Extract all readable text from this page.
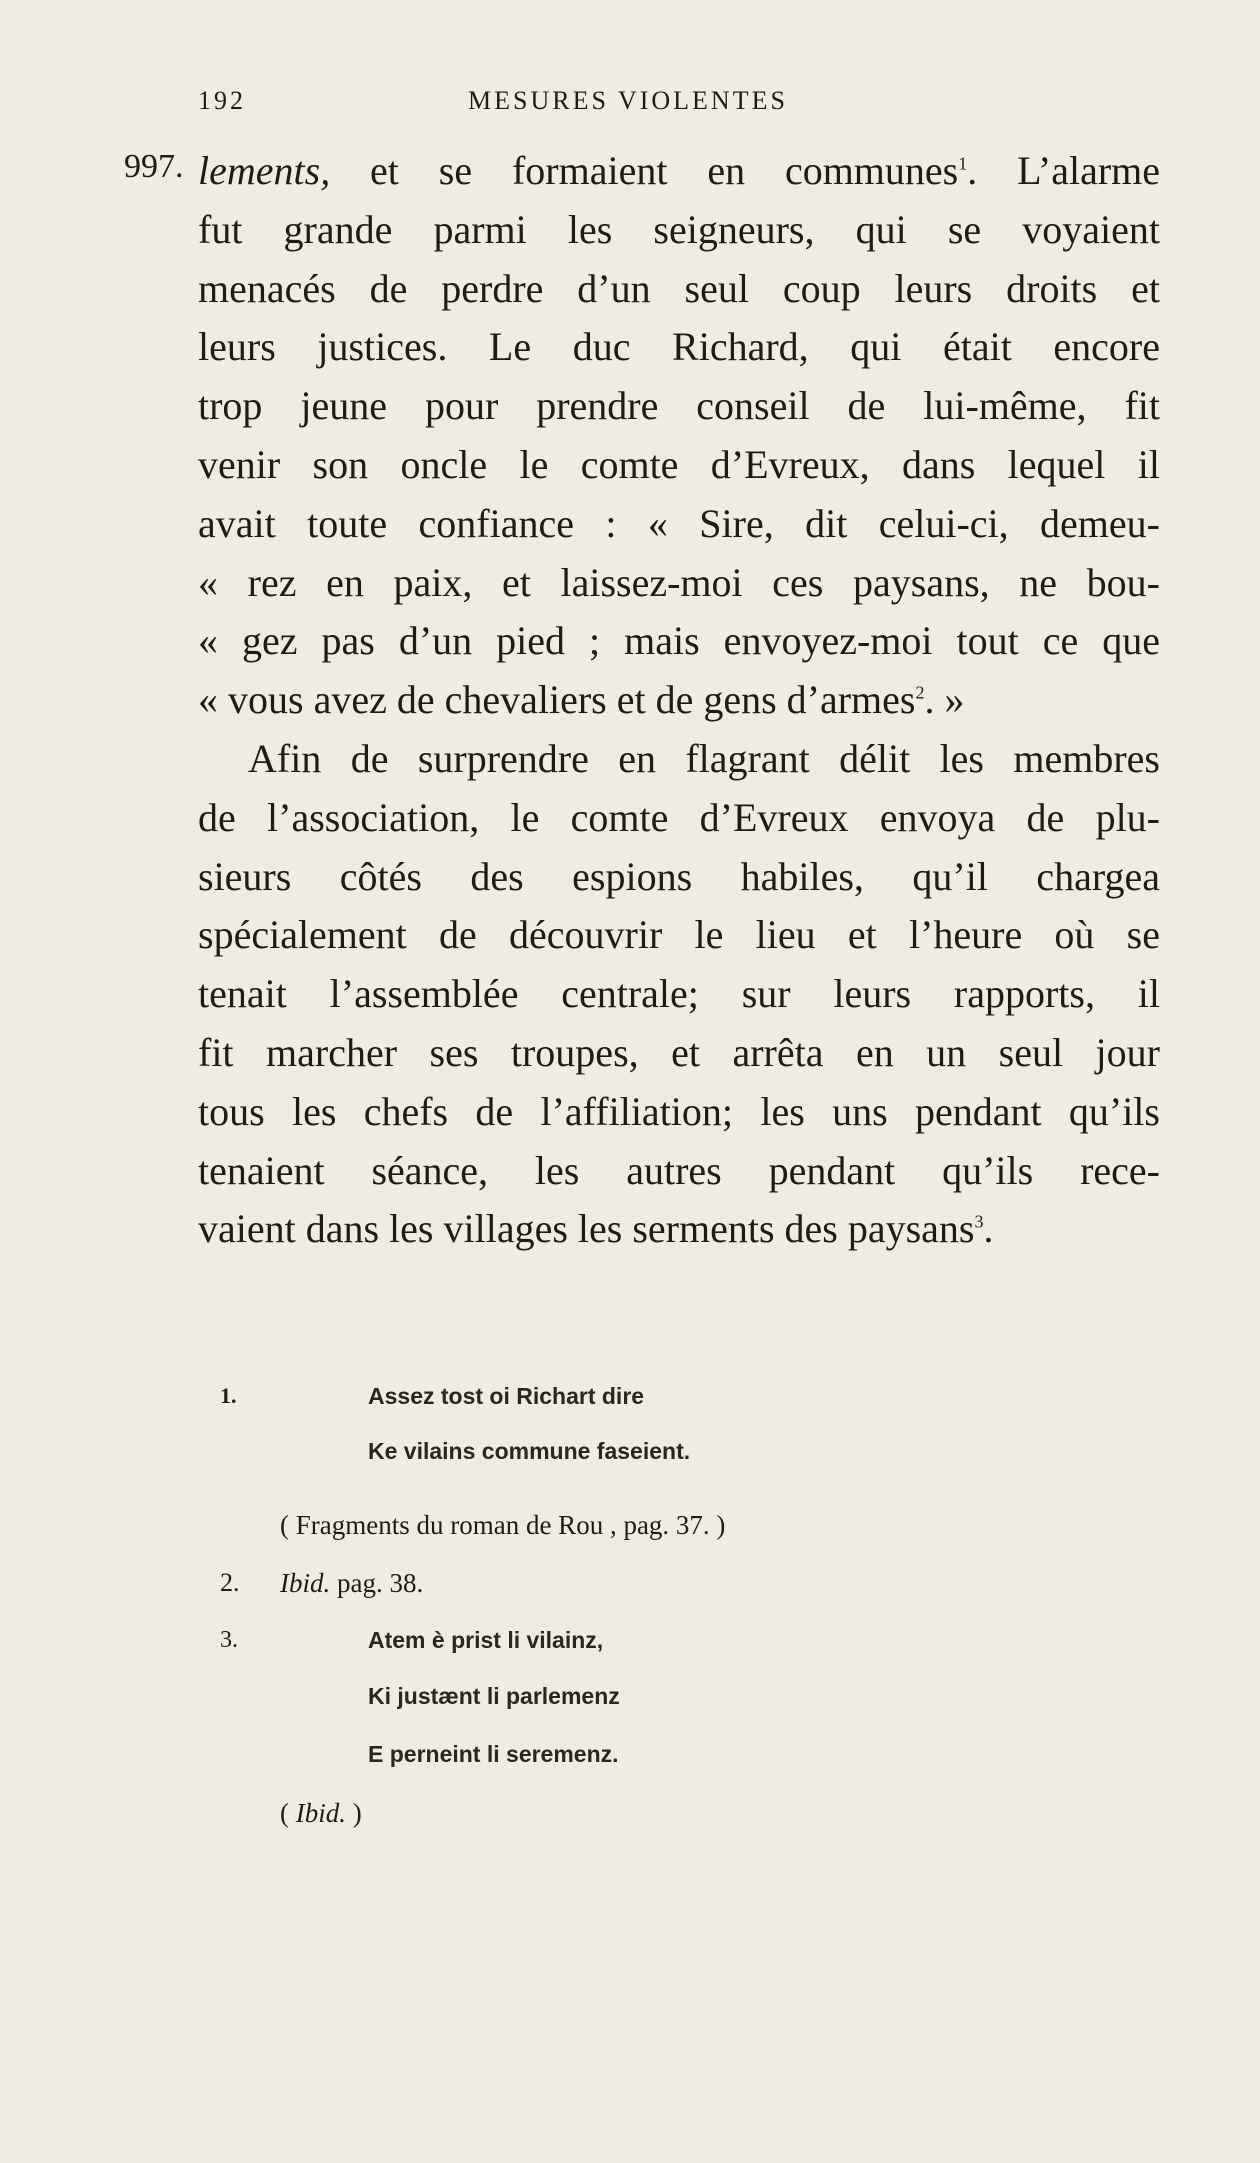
192	MESURES VIOLENTES
997. lements, et se formaient en communes$^1$. L’alarme
fut grande parmi les seigneurs, qui se voyaient
menacés de perdre d’un seul coup leurs droits et
leurs justices. Le duc Richard, qui était encore
trop jeune pour prendre conseil de lui-même, fit
venir son oncle le comte d’Evreux, dans lequel il
avait toute confiance : « Sire, dit celui-ci, demeu-
« rez en paix, et laissez-moi ces paysans, ne bou-
« gez pas d’un pied ; mais envoyez-moi tout ce que
« vous avez de chevaliers et de gens d’armes$^2$. »
Afin de surprendre en flagrant délit les membres
de l’association, le comte d’Evreux envoya de plu-
sieurs côtés des espions habiles, qu’il chargea
spécialement de découvrir le lieu et l’heure où se
tenait l’assemblée centrale; sur leurs rapports, il
fit marcher ses troupes, et arrêta en un seul jour
tous les chefs de l’affiliation; les uns pendant qu’ils
tenaient séance, les autres pendant qu’ils rece-
vaient dans les villages les serments des paysans$^3$.
1.	Assez tost oi Richart dire
Ke vilains commune faseient.
( Fragments du roman de Rou , pag. 37. )
2. Ibid. pag. 38.
3.	Atem è prist li vilainz,
Ki justænt li parlemenz
E perneint li seremenz.
( Ibid. )
